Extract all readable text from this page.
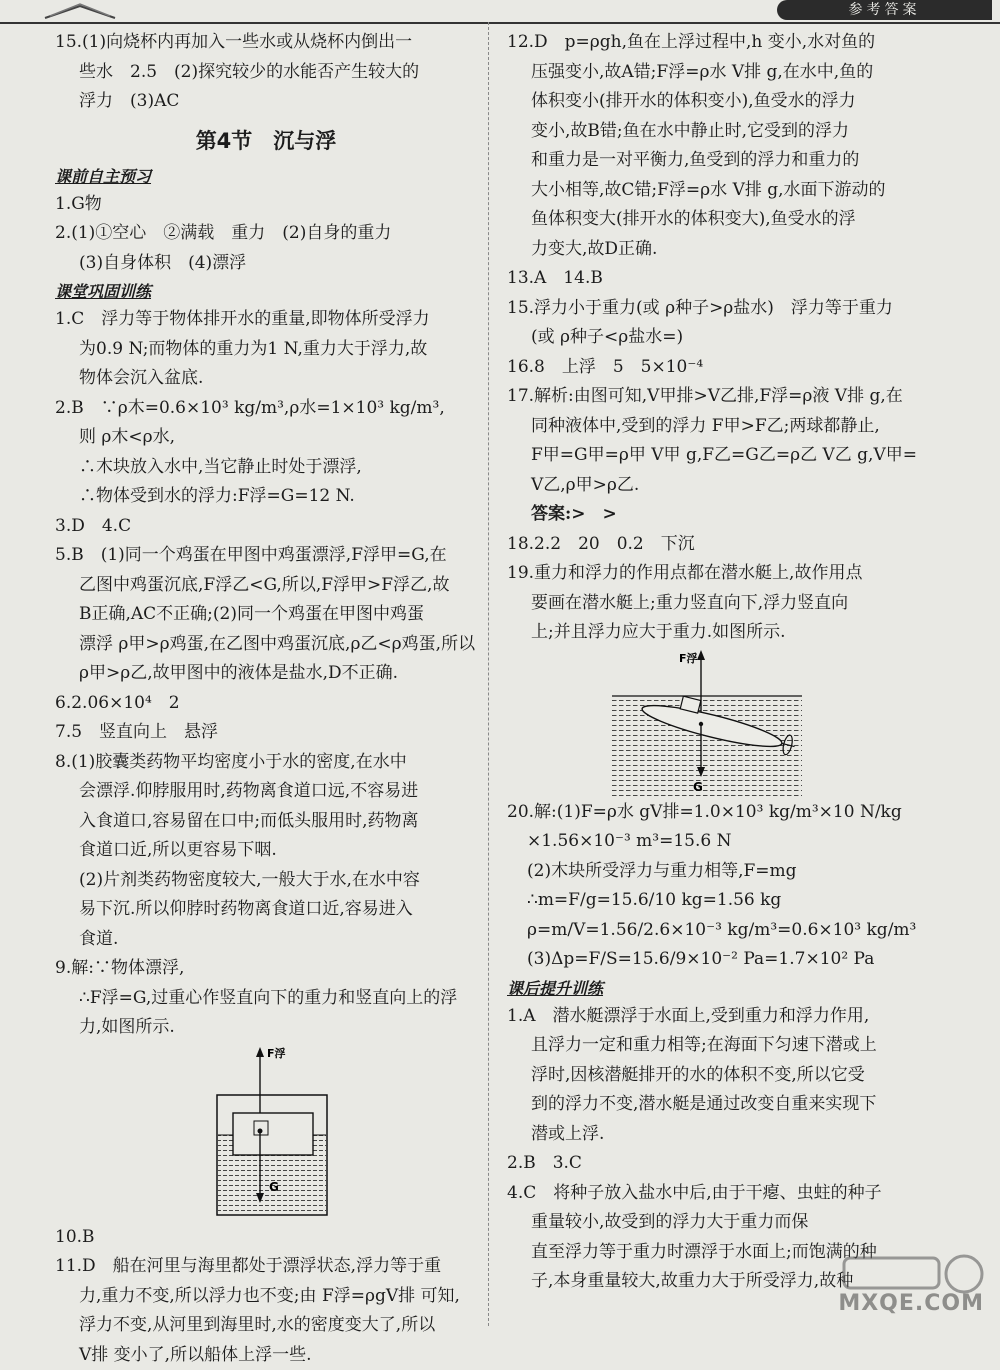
参考答案
15.(1)向烧杯内再加入一些水或从烧杯内倒出一
些水　2.5　(2)探究较少的水能否产生较大的
浮力　(3)AC
第4节　沉与浮
课前自主预习
1.G物
2.(1)①空心　②满载　重力　(2)自身的重力
(3)自身体积　(4)漂浮
课堂巩固训练
1.C　浮力等于物体排开水的重量,即物体所受浮力
为0.9 N;而物体的重力为1 N,重力大于浮力,故
物体会沉入盆底.
2.B　∵ρ木=0.6×10³ kg/m³,ρ水=1×10³ kg/m³,
则 ρ木<ρ水,
∴木块放入水中,当它静止时处于漂浮,
∴物体受到水的浮力:F浮=G=12 N.
3.D　4.C
5.B　(1)同一个鸡蛋在甲图中鸡蛋漂浮,F浮甲=G,在
乙图中鸡蛋沉底,F浮乙<G,所以,F浮甲>F浮乙,故
B正确,AC不正确;(2)同一个鸡蛋在甲图中鸡蛋
漂浮 ρ甲>ρ鸡蛋,在乙图中鸡蛋沉底,ρ乙<ρ鸡蛋,所以
ρ甲>ρ乙,故甲图中的液体是盐水,D不正确.
6.2.06×10⁴　2
7.5　竖直向上　悬浮
8.(1)胶囊类药物平均密度小于水的密度,在水中
会漂浮.仰脖服用时,药物离食道口远,不容易进
入食道口,容易留在口中;而低头服用时,药物离
食道口近,所以更容易下咽.
(2)片剂类药物密度较大,一般大于水,在水中容
易下沉.所以仰脖时药物离食道口近,容易进入
食道.
9.解:∵物体漂浮,
∴F浮=G,过重心作竖直向下的重力和竖直向上的浮
力,如图所示.
F浮
G
10.B
11.D　船在河里与海里都处于漂浮状态,浮力等于重
力,重力不变,所以浮力也不变;由 F浮=ρgV排 可知,
浮力不变,从河里到海里时,水的密度变大了,所以
V排 变小了,所以船体上浮一些.
12.D　p=ρgh,鱼在上浮过程中,h 变小,水对鱼的
压强变小,故A错;F浮=ρ水 V排 g,在水中,鱼的
体积变小(排开水的体积变小),鱼受水的浮力
变小,故B错;鱼在水中静止时,它受到的浮力
和重力是一对平衡力,鱼受到的浮力和重力的
大小相等,故C错;F浮=ρ水 V排 g,水面下游动的
鱼体积变大(排开水的体积变大),鱼受水的浮
力变大,故D正确.
13.A　14.B
15.浮力小于重力(或 ρ种子>ρ盐水)　浮力等于重力
(或 ρ种子<ρ盐水=)
16.8　上浮　5　5×10⁻⁴
17.解析:由图可知,V甲排>V乙排,F浮=ρ液 V排 g,在
同种液体中,受到的浮力 F甲>F乙;两球都静止,
F甲=G甲=ρ甲 V甲 g,F乙=G乙=ρ乙 V乙 g,V甲=
V乙,ρ甲>ρ乙.
答案:>　>
18.2.2　20　0.2　下沉
19.重力和浮力的作用点都在潜水艇上,故作用点
要画在潜水艇上;重力竖直向下,浮力竖直向
上;并且浮力应大于重力.如图所示.
F浮
G
20.解:(1)F=ρ水 gV排=1.0×10³ kg/m³×10 N/kg
×1.56×10⁻³ m³=15.6 N
(2)木块所受浮力与重力相等,F=mg
∴m=F/g=15.6/10 kg=1.56 kg
ρ=m/V=1.56/2.6×10⁻³ kg/m³=0.6×10³ kg/m³
(3)Δp=F/S=15.6/9×10⁻² Pa=1.7×10² Pa
课后提升训练
1.A　潜水艇漂浮于水面上,受到重力和浮力作用,
且浮力一定和重力相等;在海面下匀速下潜或上
浮时,因核潜艇排开的水的体积不变,所以它受
到的浮力不变,潜水艇是通过改变自重来实现下
潜或上浮.
2.B　3.C
4.C　将种子放入盐水中后,由于干瘪、虫蛀的种子
重量较小,故受到的浮力大于重力而保
直至浮力等于重力时漂浮于水面上;而饱满的种
子,本身重量较大,故重力大于所受浮力,故种
MXQE.COM
